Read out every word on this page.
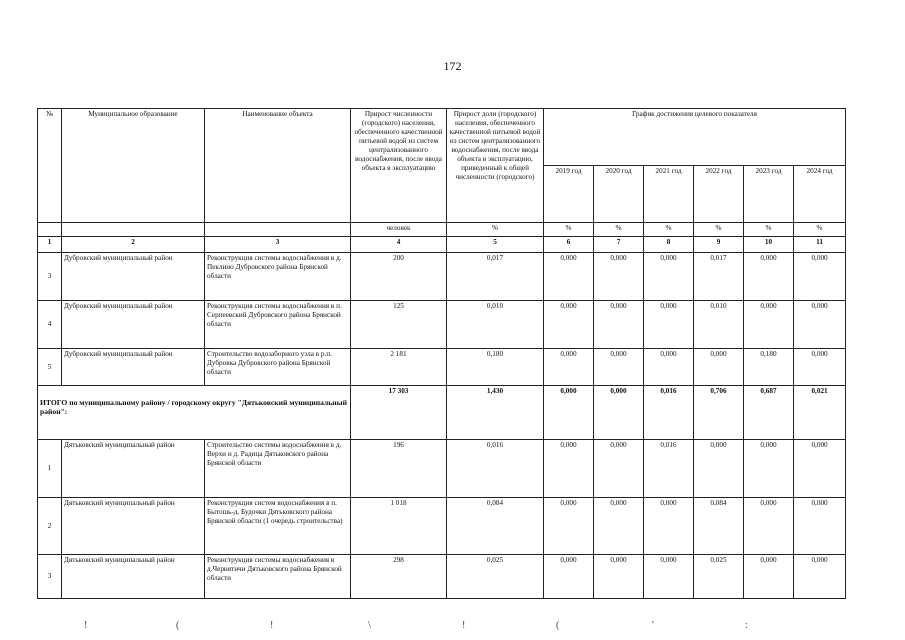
172
№	Муниципальное образование	Наименование объекта	Прирост численности (городского) населения, обеспеченного качественной питьевой водой из систем централизованного водоснабжения, после ввода объекта в эксплуатацию	Прирост доли (городского) населения, обеспеченного качественной питьевой водой из систем централизованного водоснабжения, после ввода объекта в эксплуатацию, приведенный к общей численности (городского)	График достижения целевого показателя					
					2019 год	2020 год	2021 год	2022 год	2023 год	2024 год
			человек	%	%	%	%	%	%	%
1	2	3	4	5	6	7	8	9	10	11
3	Дубровский муниципальный район	Реконструкция системы водоснабжения в д. Пеклино Дубровского района Брянской области	200	0,017	0,000	0,000	0,000	0,017	0,000	0,000
4	Дубровский муниципальный район	Реконструкция системы водоснабжения в п. Серпеевский Дубровского района Брянской области	125	0,010	0,000	0,000	0,000	0,010	0,000	0,000
5	Дубровский муниципальный район	Строительство водозаборного узла в р.п. Дубровка Дубровского района Брянской области	2 181	0,180	0,000	0,000	0,000	0,000	0,180	0,000
ИТОГО по муниципальному району / городскому округу "Дятьковский муниципальный район":			17 303	1,430	0,000	0,000	0,016	0,706	0,687	0,021
1	Дятьковский муниципальный район	Строительство системы водоснабжения в д. Верхи и д. Радица Дятьковского района Брянской области	196	0,016	0,000	0,000	0,016	0,000	0,000	0,000
2	Дятьковский муниципальный район	Реконструкция систем водоснабжения в п. Бытошь-д. Будочки Дятьковского района Брянской области (1 очередь строительства)	1 018	0,084	0,000	0,000	0,000	0,084	0,000	0,000
3	Дятьковский муниципальный район	Реконструкция системы водоснабжения в д.Чернятичи Дятьковского района Брянской области	298	0,025	0,000	0,000	0,000	0,025	0,000	0,000
!	(	!	\	!	(	'	:
